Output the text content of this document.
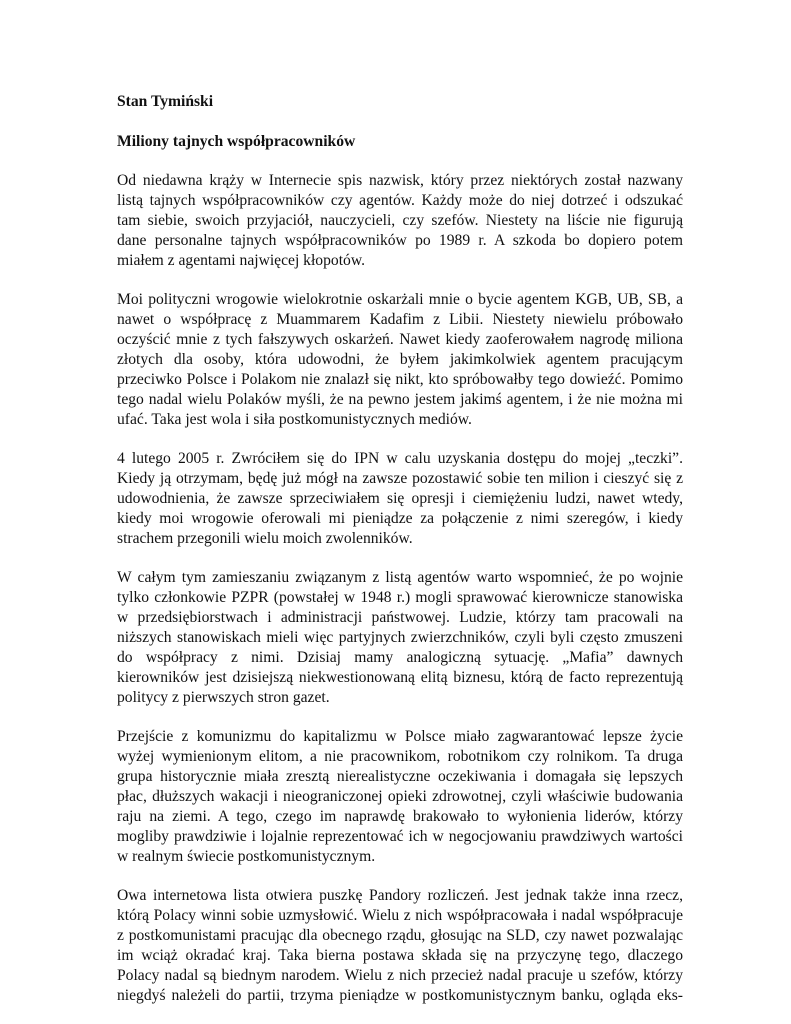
Stan Tymiński
Miliony tajnych współpracowników
Od niedawna krąży w Internecie spis nazwisk, który przez niektórych został nazwany
listą tajnych współpracowników czy agentów. Każdy może do niej dotrzeć i odszukać
tam siebie, swoich przyjaciół, nauczycieli, czy szefów. Niestety na liście nie figurują
dane personalne tajnych współpracowników po 1989 r. A szkoda bo dopiero potem
miałem z agentami najwięcej kłopotów.
Moi polityczni wrogowie wielokrotnie oskarżali mnie o bycie agentem KGB, UB, SB, a
nawet o współpracę z Muammarem Kadafim z Libii. Niestety niewielu próbowało
oczyścić mnie z tych fałszywych oskarżeń. Nawet kiedy zaoferowałem nagrodę miliona
złotych dla osoby, która udowodni, że byłem jakimkolwiek agentem pracującym
przeciwko Polsce i Polakom nie znalazł się nikt, kto spróbowałby tego dowieźć. Pomimo
tego nadal wielu Polaków myśli, że na pewno jestem jakimś agentem, i że nie można mi
ufać. Taka jest wola i siła postkomunistycznych mediów.
4 lutego 2005 r. Zwróciłem się do IPN w calu uzyskania dostępu do mojej „teczki”.
Kiedy ją otrzymam, będę już mógł na zawsze pozostawić sobie ten milion i cieszyć się z
udowodnienia, że zawsze sprzeciwiałem się opresji i ciemiężeniu ludzi, nawet wtedy,
kiedy moi wrogowie oferowali mi pieniądze za połączenie z nimi szeregów, i kiedy
strachem przegonili wielu moich zwolenników.
W całym tym zamieszaniu związanym z listą agentów warto wspomnieć, że po wojnie
tylko członkowie PZPR (powstałej w 1948 r.) mogli sprawować kierownicze stanowiska
w przedsiębiorstwach i administracji państwowej. Ludzie, którzy tam pracowali na
niższych stanowiskach mieli więc partyjnych zwierzchników, czyli byli często zmuszeni
do współpracy z nimi. Dzisiaj mamy analogiczną sytuację. „Mafia” dawnych
kierowników jest dzisiejszą niekwestionowaną elitą biznesu, którą de facto reprezentują
politycy z pierwszych stron gazet.
Przejście z komunizmu do kapitalizmu w Polsce miało zagwarantować lepsze życie
wyżej wymienionym elitom, a nie pracownikom, robotnikom czy rolnikom. Ta druga
grupa historycznie miała zresztą nierealistyczne oczekiwania i domagała się lepszych
płac, dłuższych wakacji i nieograniczonej opieki zdrowotnej, czyli właściwie budowania
raju na ziemi. A tego, czego im naprawdę brakowało to wyłonienia liderów, którzy
mogliby prawdziwie i lojalnie reprezentować ich w negocjowaniu prawdziwych wartości
w realnym świecie postkomunistycznym.
Owa internetowa lista otwiera puszkę Pandory rozliczeń. Jest jednak także inna rzecz,
którą Polacy winni sobie uzmysłowić. Wielu z nich współpracowała i nadal współpracuje
z postkomunistami pracując dla obecnego rządu, głosując na SLD, czy nawet pozwalając
im wciąż okradać kraj. Taka bierna postawa składa się na przyczynę tego, dlaczego
Polacy nadal są biednym narodem. Wielu z nich przecież nadal pracuje u szefów, którzy
niegdyś należeli do partii, trzyma pieniądze w postkomunistycznym banku, ogląda eks-
